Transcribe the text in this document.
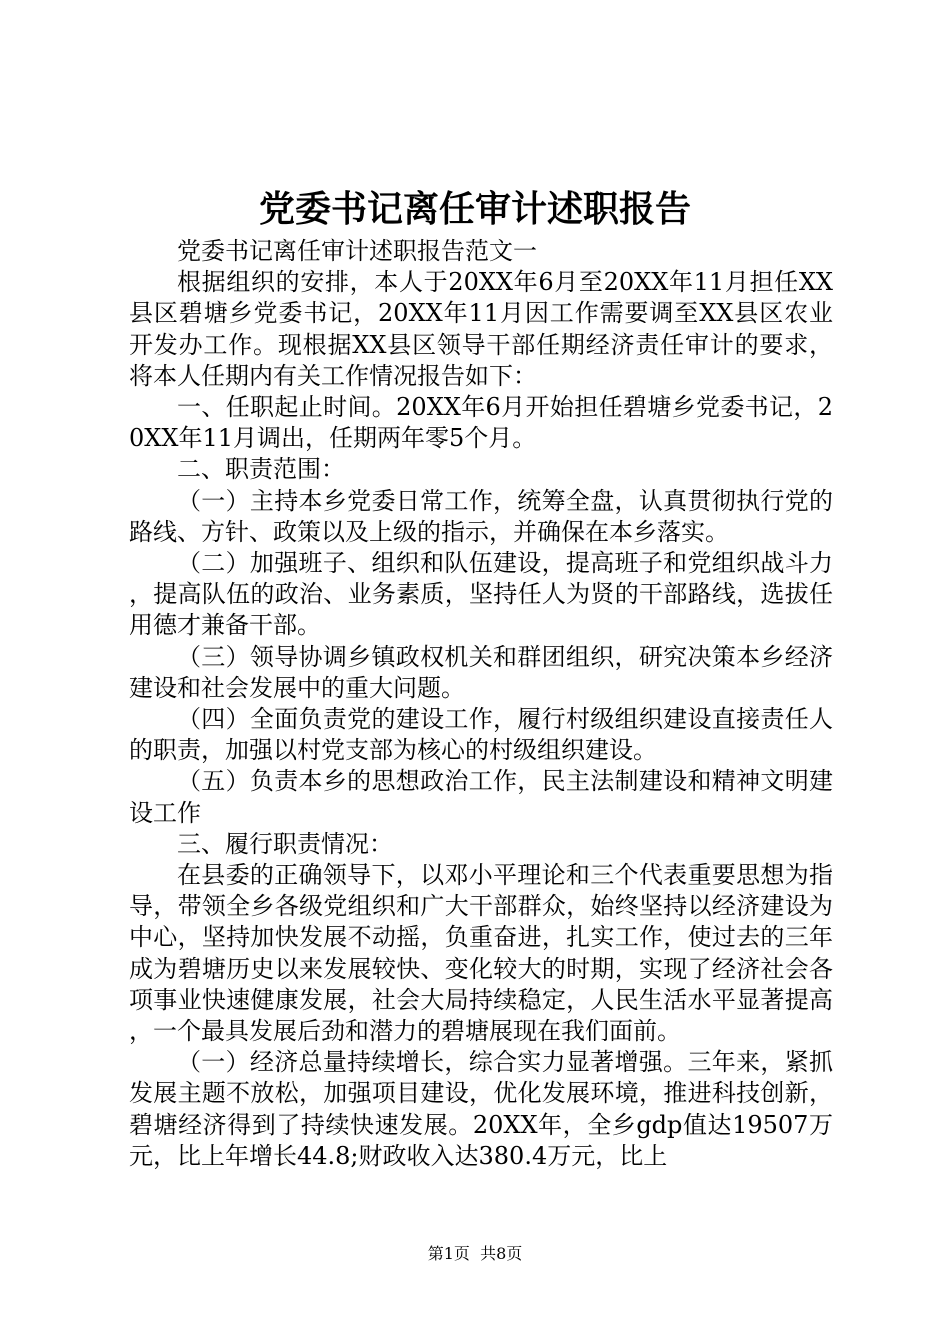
党委书记离任审计述职报告

党委书记离任审计述职报告范文一

根据组织的安排，本人于20XX年6月至20XX年11月担任XX县区碧塘乡党委书记，20XX年11月因工作需要调至XX县区农业开发办工作。现根据XX县区领导干部任期经济责任审计的要求，将本人任期内有关工作情况报告如下：

一、任职起止时间。20XX年6月开始担任碧塘乡党委书记，20XX年11月调出，任期两年零5个月。

二、职责范围：

（一）主持本乡党委日常工作，统筹全盘，认真贯彻执行党的路线、方针、政策以及上级的指示，并确保在本乡落实。

（二）加强班子、组织和队伍建设，提高班子和党组织战斗力，提高队伍的政治、业务素质，坚持任人为贤的干部路线，选拔任用德才兼备干部。

（三）领导协调乡镇政权机关和群团组织，研究决策本乡经济建设和社会发展中的重大问题。

（四）全面负责党的建设工作，履行村级组织建设直接责任人的职责，加强以村党支部为核心的村级组织建设。

（五）负责本乡的思想政治工作，民主法制建设和精神文明建设工作

三、履行职责情况：

在县委的正确领导下，以邓小平理论和三个代表重要思想为指导，带领全乡各级党组织和广大干部群众，始终坚持以经济建设为中心，坚持加快发展不动摇，负重奋进，扎实工作，使过去的三年成为碧塘历史以来发展较快、变化较大的时期，实现了经济社会各项事业快速健康发展，社会大局持续稳定，人民生活水平显著提高，一个最具发展后劲和潜力的碧塘展现在我们面前。

（一）经济总量持续增长，综合实力显著增强。三年来，紧抓发展主题不放松，加强项目建设，优化发展环境，推进科技创新，碧塘经济得到了持续快速发展。20XX年，全乡gdp值达19507万元，比上年增长44.8;财政收入达380.4万元，比上

第1页 共8页
